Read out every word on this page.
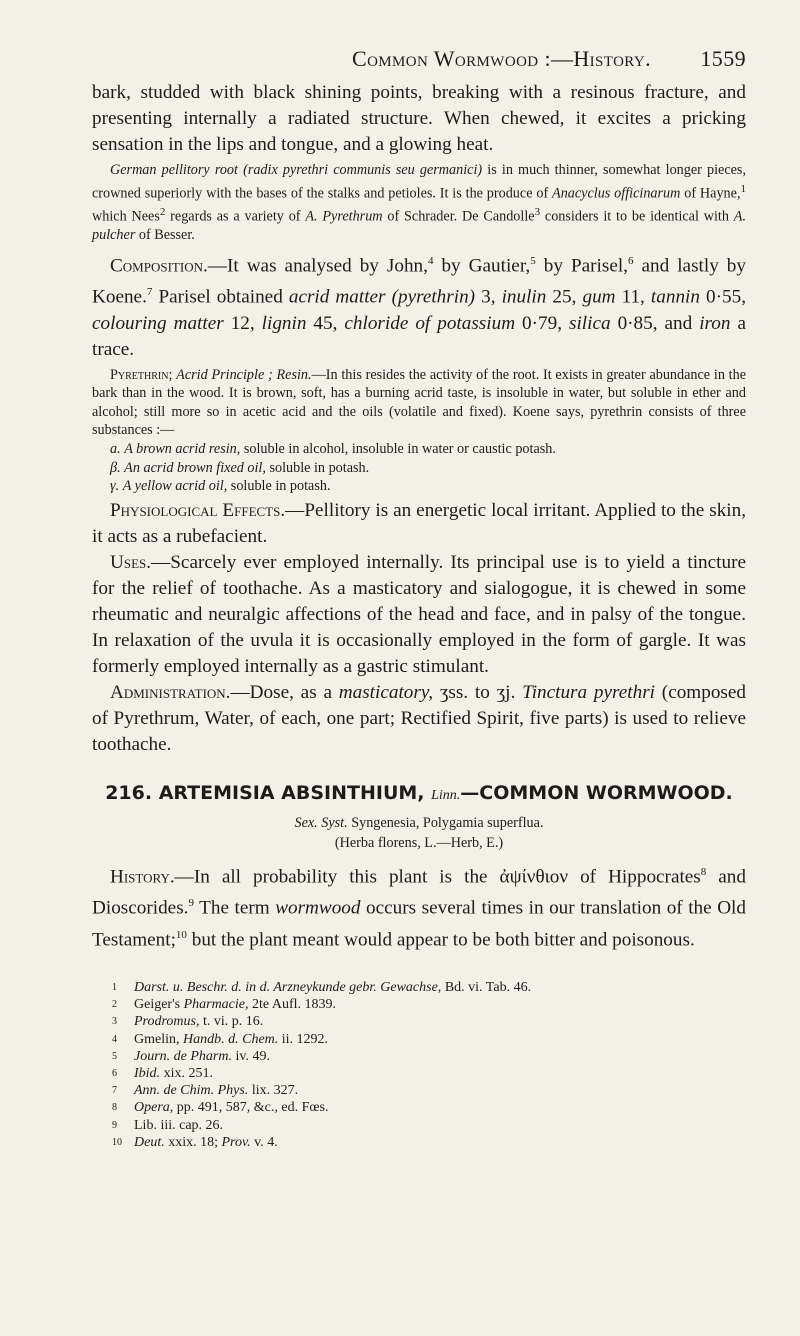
Common Wormwood :—History. 1559

bark, studded with black shining points, breaking with a resinous fracture, and presenting internally a radiated structure. When chewed, it excites a pricking sensation in the lips and tongue, and a glowing heat.

German pellitory root (radix pyrethri communis seu germanici) is in much thinner, somewhat longer pieces, crowned superiorly with the bases of the stalks and petioles. It is the produce of Anacyclus officinarum of Hayne,$^1$ which Nees$^2$ regards as a variety of A. Pyrethrum of Schrader. De Candolle$^3$ considers it to be identical with A. pulcher of Besser.

Composition.—It was analysed by John,$^4$ by Gautier,$^5$ by Parisel,$^6$ and lastly by Koene.$^7$ Parisel obtained acrid matter (pyrethrin) 3, inulin 25, gum 11, tannin 0·55, colouring matter 12, lignin 45, chloride of potassium 0·79, silica 0·85, and iron a trace.

Pyrethrin; Acrid Principle ; Resin.—In this resides the activity of the root. It exists in greater abundance in the bark than in the wood. It is brown, soft, has a burning acrid taste, is insoluble in water, but soluble in ether and alcohol; still more so in acetic acid and the oils (volatile and fixed). Koene says, pyrethrin consists of three substances :—

a. A brown acrid resin, soluble in alcohol, insoluble in water or caustic potash.

β. An acrid brown fixed oil, soluble in potash.

γ. A yellow acrid oil, soluble in potash.

Physiological Effects.—Pellitory is an energetic local irritant. Applied to the skin, it acts as a rubefacient.

Uses.—Scarcely ever employed internally. Its principal use is to yield a tincture for the relief of toothache. As a masticatory and sialogogue, it is chewed in some rheumatic and neuralgic affections of the head and face, and in palsy of the tongue. In relaxation of the uvula it is occasionally employed in the form of gargle. It was formerly employed internally as a gastric stimulant.

Administration.—Dose, as a masticatory, ʒss. to ʒj. Tinctura pyrethri (composed of Pyrethrum, Water, of each, one part; Rectified Spirit, five parts) is used to relieve toothache.

216. ARTEMISIA ABSINTHIUM, Linn.—COMMON WORMWOOD.

Sex. Syst. Syngenesia, Polygamia superflua.

(Herba florens, L.—Herb, E.)

History.—In all probability this plant is the ἀψίνθιον of Hippocrates$^8$ and Dioscorides.$^9$ The term wormwood occurs several times in our translation of the Old Testament;$^{10}$ but the plant meant would appear to be both bitter and poisonous.

$^1$ Darst. u. Beschr. d. in d. Arzneykunde gebr. Gewachse, Bd. vi. Tab. 46.

$^2$ Geiger's Pharmacie, 2te Aufl. 1839.

$^3$ Prodromus, t. vi. p. 16.

$^4$ Gmelin, Handb. d. Chem. ii. 1292.

$^5$ Journ. de Pharm. iv. 49.

$^6$ Ibid. xix. 251.

$^7$ Ann. de Chim. Phys. lix. 327.

$^8$ Opera, pp. 491, 587, &c., ed. Fœs.

$^9$ Lib. iii. cap. 26.

$^{10}$ Deut. xxix. 18; Prov. v. 4.
